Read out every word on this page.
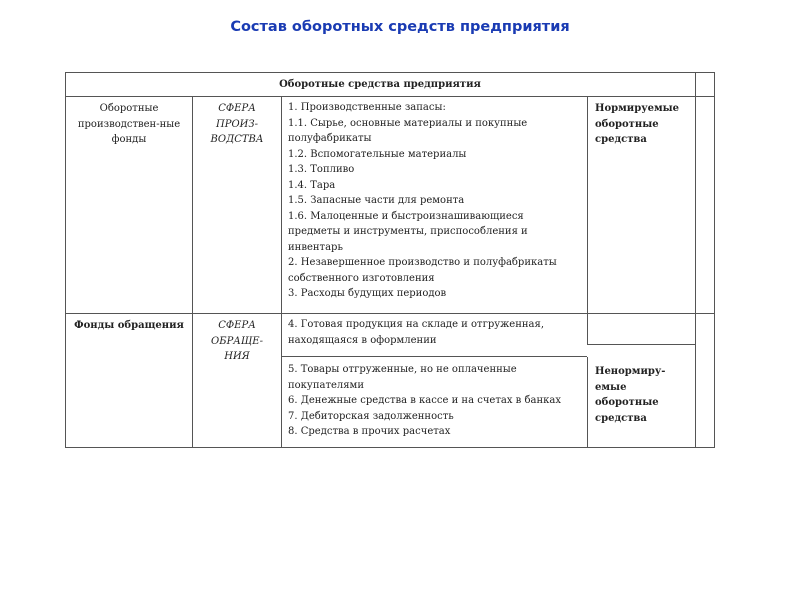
Состав оборотных средств предприятия
Оборотные средства предприятия
Оборотные производствен-ные фонды
СФЕРА ПРОИЗ-ВОДСТВА
1. Производственные запасы:
1.1. Сырье, основные материалы и покупные
полуфабрикаты
1.2. Вспомогательные материалы
1.3. Топливо
1.4. Тара
1.5. Запасные части для ремонта
1.6. Малоценные и быстроизнашивающиеся
предметы и инструменты, приспособления и
инвентарь
2. Незавершенное производство и полуфабрикаты
собственного изготовления
3. Расходы будущих периодов
Нормируемые оборотные средства
Фонды обращения	СФЕРА ОБРАЩЕ-НИЯ
4. Готовая продукция на складе и отгруженная,
находящаяся в оформлении
5. Товары отгруженные, но не оплаченные
покупателями
6. Денежные средства в кассе и на счетах в банках
7. Дебиторская задолженность
8. Средства в прочих расчетах
Ненормиру-емые оборотные средства
